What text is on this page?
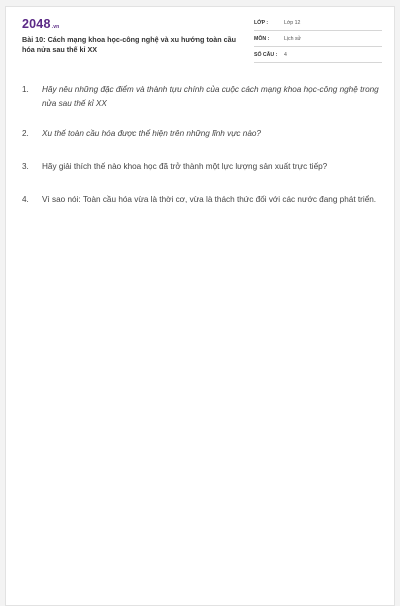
2048.vn
Bài 10: Cách mạng khoa học-công nghệ và xu hướng toàn cầu hóa nửa sau thế kỉ XX
LỚP :	Lớp 12
MÔN :	Lịch sử
SỐ CÂU : 4
1.	Hãy nêu những đặc điểm và thành tựu chính của cuộc cách mạng khoa học-công nghệ trong nửa sau thế kỉ XX
2.	Xu thế toàn cầu hóa được thể hiện trên những lĩnh vực nào?
3.	Hãy giải thích thế nào khoa học đã trở thành một lực lượng sản xuất trực tiếp?
4.	Vì sao nói: Toàn cầu hóa vừa là thời cơ, vừa là thách thức đối với các nước đang phát triển.
